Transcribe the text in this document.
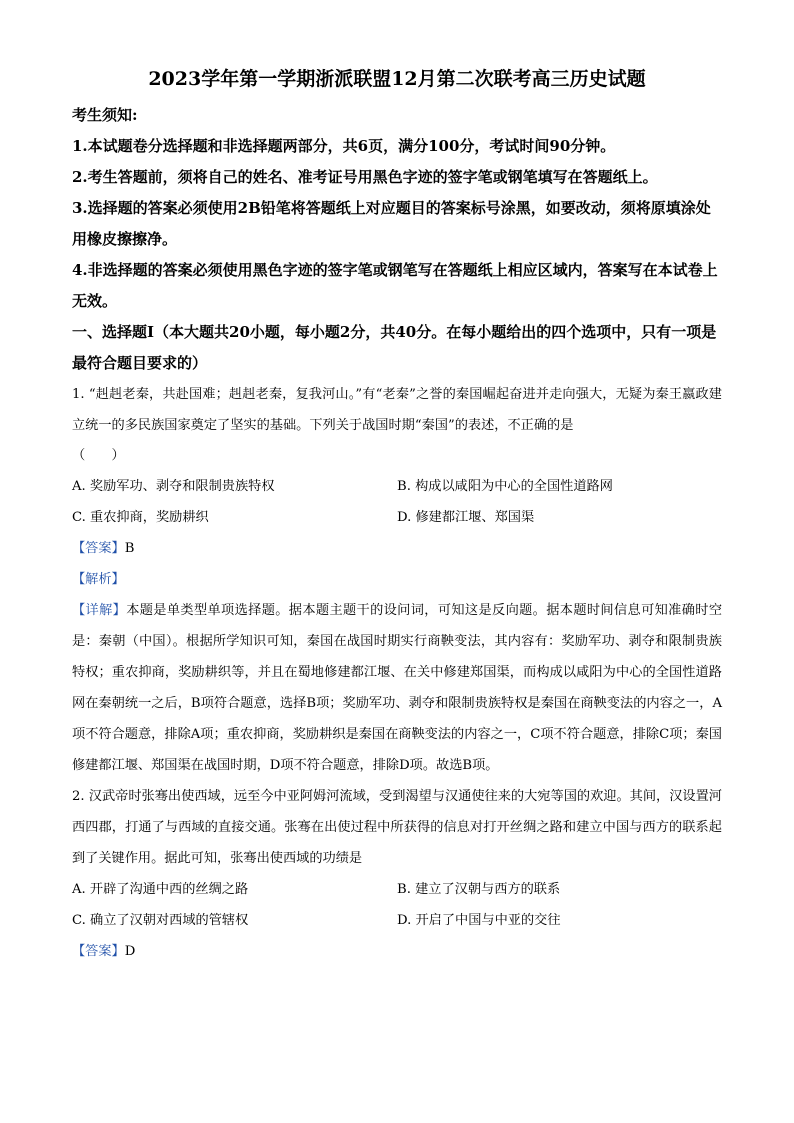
2023学年第一学期浙派联盟12月第二次联考高三历史试题

考生须知:

1.本试题卷分选择题和非选择题两部分，共6页，满分100分，考试时间90分钟。

2.考生答题前，须将自己的姓名、准考证号用黑色字迹的签字笔或钢笔填写在答题纸上。

3.选择题的答案必须使用2B铅笔将答题纸上对应题目的答案标号涂黑，如要改动，须将原填涂处用橡皮擦擦净。

4.非选择题的答案必须使用黑色字迹的签字笔或钢笔写在答题纸上相应区域内，答案写在本试卷上无效。

一、选择题Ⅰ（本大题共20小题，每小题2分，共40分。在每小题给出的四个选项中，只有一项是最符合题目要求的）

1. “赳赳老秦，共赴国难；赳赳老秦，复我河山。”有“老秦”之誉的秦国崛起奋进并走向强大，无疑为秦王嬴政建立统一的多民族国家奠定了坚实的基础。下列关于战国时期“秦国”的表述，不正确的是

（　　）

A. 奖励军功、剥夺和限制贵族特权	B. 构成以咸阳为中心的全国性道路网
C. 重农抑商，奖励耕织	D. 修建都江堰、郑国渠

【答案】B

【解析】

【详解】本题是单类型单项选择题。据本题主题干的设问词，可知这是反向题。据本题时间信息可知准确时空是：秦朝（中国）。根据所学知识可知，秦国在战国时期实行商鞅变法，其内容有：奖励军功、剥夺和限制贵族特权；重农抑商，奖励耕织等，并且在蜀地修建都江堰、在关中修建郑国渠，而构成以咸阳为中心的全国性道路网在秦朝统一之后，B项符合题意，选择B项；奖励军功、剥夺和限制贵族特权是秦国在商鞅变法的内容之一，A项不符合题意，排除A项；重农抑商，奖励耕织是秦国在商鞅变法的内容之一，C项不符合题意，排除C项；秦国修建都江堰、郑国渠在战国时期，D项不符合题意，排除D项。故选B项。

2. 汉武帝时张骞出使西域，远至今中亚阿姆河流域，受到渴望与汉通使往来的大宛等国的欢迎。其间，汉设置河西四郡，打通了与西域的直接交通。张骞在出使过程中所获得的信息对打开丝绸之路和建立中国与西方的联系起到了关键作用。据此可知，张骞出使西域的功绩是

A. 开辟了沟通中西的丝绸之路	B. 建立了汉朝与西方的联系
C. 确立了汉朝对西域的管辖权	D. 开启了中国与中亚的交往

【答案】D
